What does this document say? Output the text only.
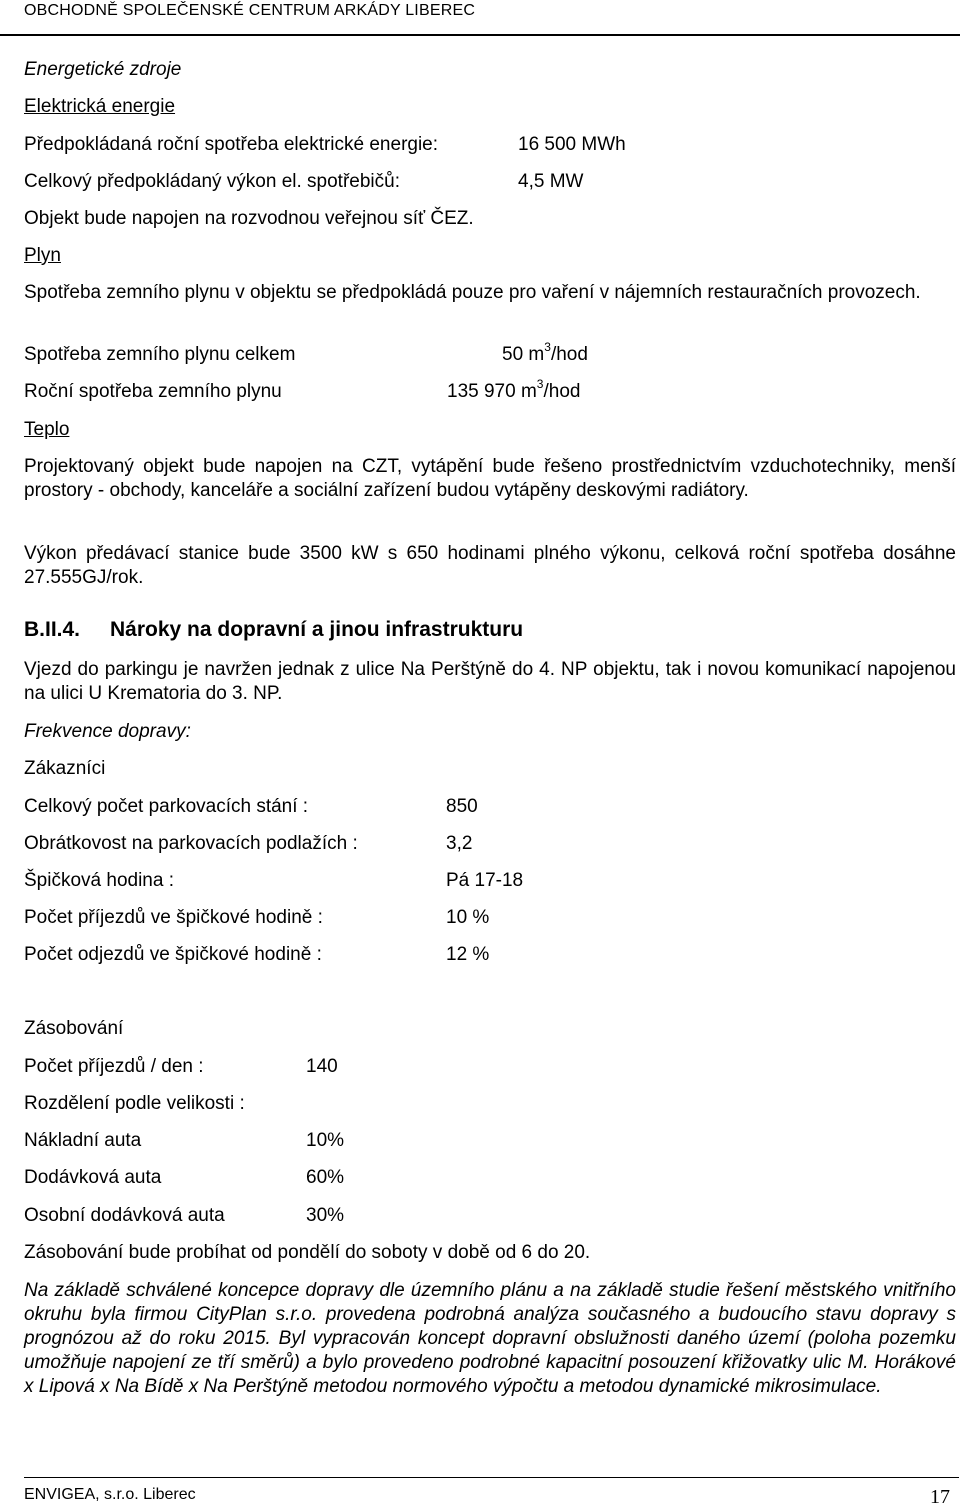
OBCHODNĚ SPOLEČENSKÉ CENTRUM ARKÁDY LIBEREC
Energetické zdroje
Elektrická energie
Předpokládaná roční spotřeba elektrické energie:	16 500 MWh
Celkový předpokládaný výkon el. spotřebičů:	4,5 MW
Objekt bude napojen na rozvodnou veřejnou síť ČEZ.
Plyn
Spotřeba zemního plynu v objektu se předpokládá pouze pro vaření v nájemních restauračních provozech.
Spotřeba zemního plynu celkem	50 $m^3$/hod
Roční spotřeba zemního plynu	135 970 $m^3$/hod
Teplo
Projektovaný objekt bude napojen na CZT, vytápění bude řešeno prostřednictvím vzduchotechniky, menší prostory - obchody, kanceláře a sociální zařízení budou vytápěny deskovými radiátory.
Výkon předávací stanice bude 3500 kW s 650 hodinami plného výkonu, celková roční spotřeba dosáhne 27.555GJ/rok.
B.II.4. Nároky na dopravní a jinou infrastrukturu
Vjezd do parkingu je navržen jednak z ulice Na Perštýně do 4. NP objektu, tak i novou komunikací napojenou na ulici U Krematoria do 3. NP.
Frekvence dopravy:
Zákazníci
Celkový počet parkovacích stání :	850
Obrátkovost na parkovacích podlažích :	3,2
Špičková hodina :	Pá 17-18
Počet příjezdů ve špičkové hodině :	10 %
Počet odjezdů ve špičkové hodině :	12 %
Zásobování
Počet příjezdů / den :	140
Rozdělení podle velikosti :
Nákladní auta	10%
Dodávková auta	60%
Osobní dodávková auta	30%
Zásobování bude probíhat od pondělí do soboty v době od 6 do 20.
Na základě schválené koncepce dopravy dle územního plánu a na základě studie řešení městského vnitřního okruhu byla firmou CityPlan s.r.o. provedena podrobná analýza současného a budoucího stavu dopravy s prognózou až do roku 2015. Byl vypracován koncept dopravní obslužnosti daného území (poloha pozemku umožňuje napojení ze tří směrů) a bylo provedeno podrobné kapacitní posouzení křižovatky ulic M. Horákové x Lipová x Na Bídě x Na Perštýně metodou normového výpočtu a metodou dynamické mikrosimulace.
ENVIGEA, s.r.o. Liberec	17
